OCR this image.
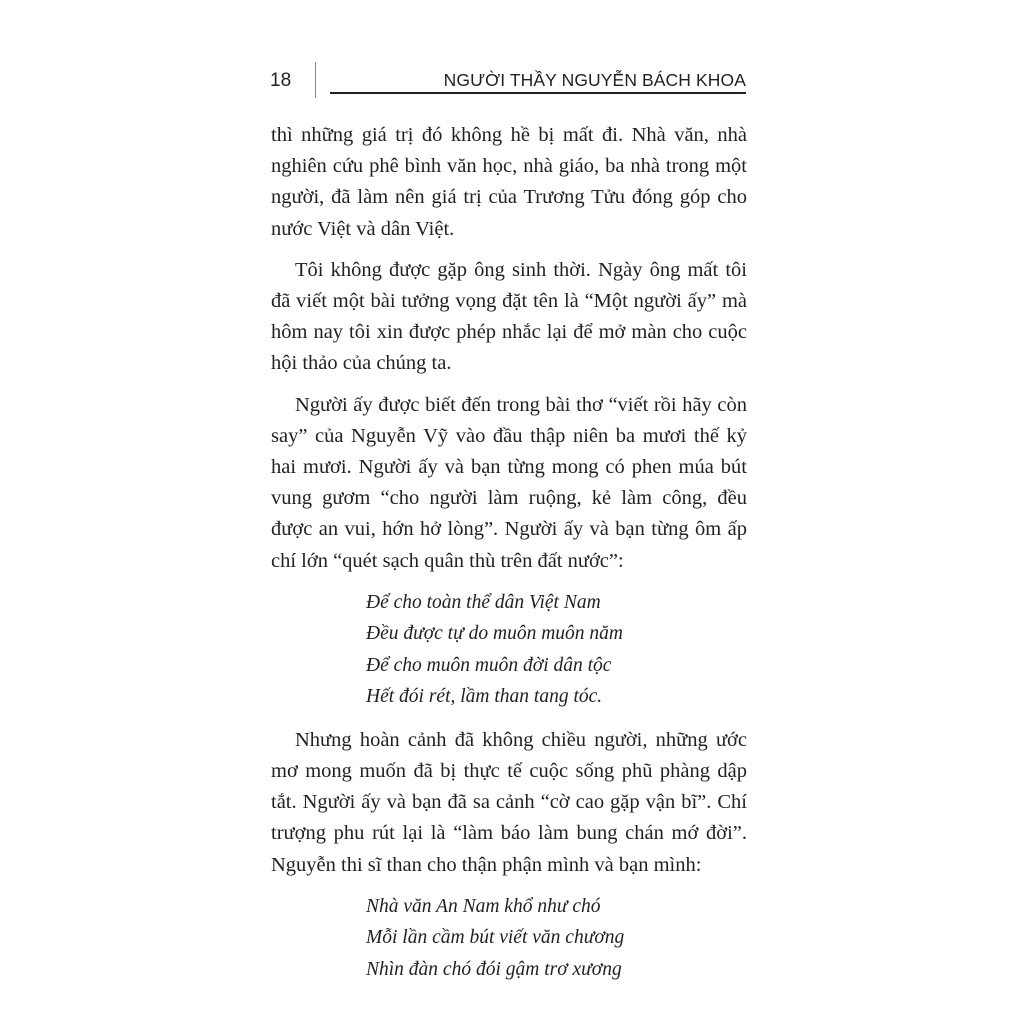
18	NGƯỜI THẦY NGUYỄN BÁCH KHOA

thì những giá trị đó không hề bị mất đi. Nhà văn, nhà nghiên cứu phê bình văn học, nhà giáo, ba nhà trong một người, đã làm nên giá trị của Trương Tửu đóng góp cho nước Việt và dân Việt.

Tôi không được gặp ông sinh thời. Ngày ông mất tôi đã viết một bài tưởng vọng đặt tên là “Một người ấy” mà hôm nay tôi xin được phép nhắc lại để mở màn cho cuộc hội thảo của chúng ta.

Người ấy được biết đến trong bài thơ “viết rồi hãy còn say” của Nguyễn Vỹ vào đầu thập niên ba mươi thế kỷ hai mươi. Người ấy và bạn từng mong có phen múa bút vung gươm “cho người làm ruộng, kẻ làm công, đều được an vui, hớn hở lòng”. Người ấy và bạn từng ôm ấp chí lớn “quét sạch quân thù trên đất nước”:

Để cho toàn thể dân Việt Nam
Đều được tự do muôn muôn năm
Để cho muôn muôn đời dân tộc
Hết đói rét, lầm than tang tóc.

Nhưng hoàn cảnh đã không chiều người, những ước mơ mong muốn đã bị thực tế cuộc sống phũ phàng dập tắt. Người ấy và bạn đã sa cảnh “cờ cao gặp vận bĩ”. Chí trượng phu rút lại là “làm báo làm bung chán mớ đời”. Nguyễn thi sĩ than cho thận phận mình và bạn mình:

Nhà văn An Nam khổ như chó
Mỗi lần cầm bút viết văn chương
Nhìn đàn chó đói gậm trơ xương
